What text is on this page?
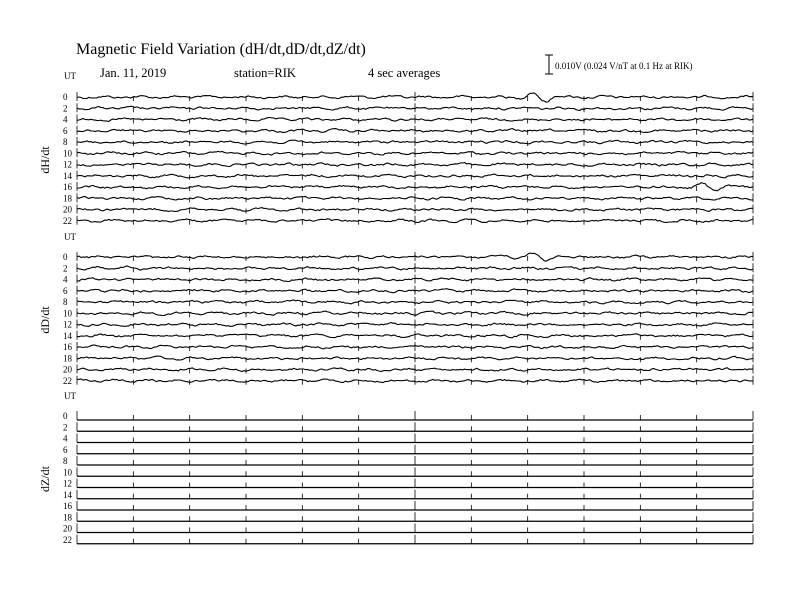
Magnetic Field Variation (dH/dt,dD/dt,dZ/dt)
Jan. 11, 2019	station=RIK	4 sec averages	0.010V (0.024 V/nT at 0.1 Hz at RIK)
UT
dH/dt
0
2
4
6
8
10
12
14
16
18
20
22
UT
dD/dt
0
2
4
6
8
10
12
14
16
18
20
22
UT
dZ/dt
0
2
4
6
8
10
12
14
16
18
20
22
